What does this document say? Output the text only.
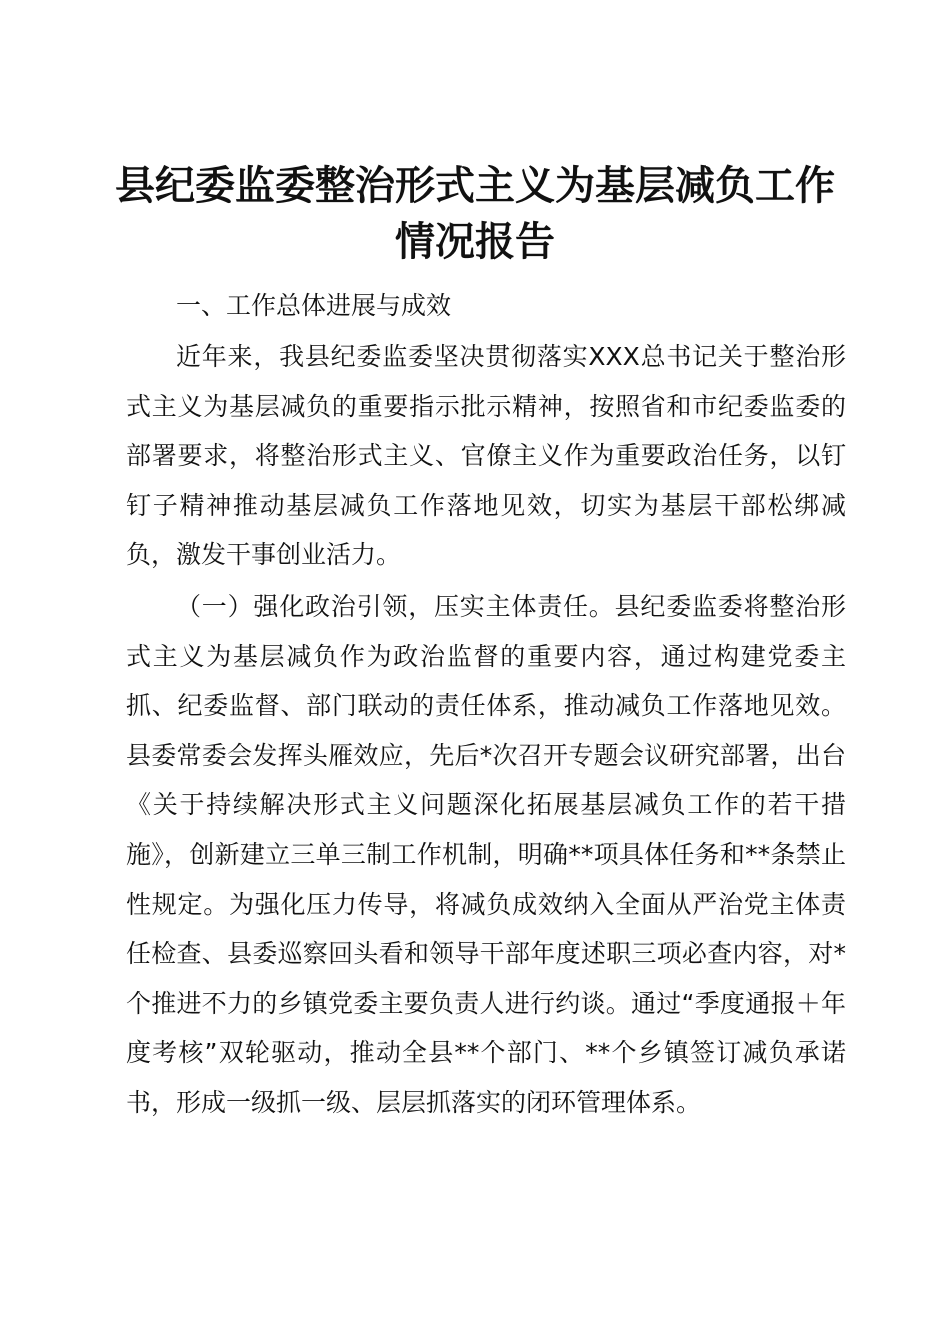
县纪委监委整治形式主义为基层减负工作情况报告

一、工作总体进展与成效

近年来，我县纪委监委坚决贯彻落实XXX总书记关于整治形式主义为基层减负的重要指示批示精神，按照省和市纪委监委的部署要求，将整治形式主义、官僚主义作为重要政治任务，以钉钉子精神推动基层减负工作落地见效，切实为基层干部松绑减负，激发干事创业活力。

（一）强化政治引领，压实主体责任。县纪委监委将整治形式主义为基层减负作为政治监督的重要内容，通过构建党委主抓、纪委监督、部门联动的责任体系，推动减负工作落地见效。县委常委会发挥头雁效应，先后*次召开专题会议研究部署，出台《关于持续解决形式主义问题深化拓展基层减负工作的若干措施》，创新建立三单三制工作机制，明确**项具体任务和**条禁止性规定。为强化压力传导，将减负成效纳入全面从严治党主体责任检查、县委巡察回头看和领导干部年度述职三项必查内容，对*个推进不力的乡镇党委主要负责人进行约谈。通过“季度通报＋年度考核”双轮驱动，推动全县**个部门、**个乡镇签订减负承诺书，形成一级抓一级、层层抓落实的闭环管理体系。
